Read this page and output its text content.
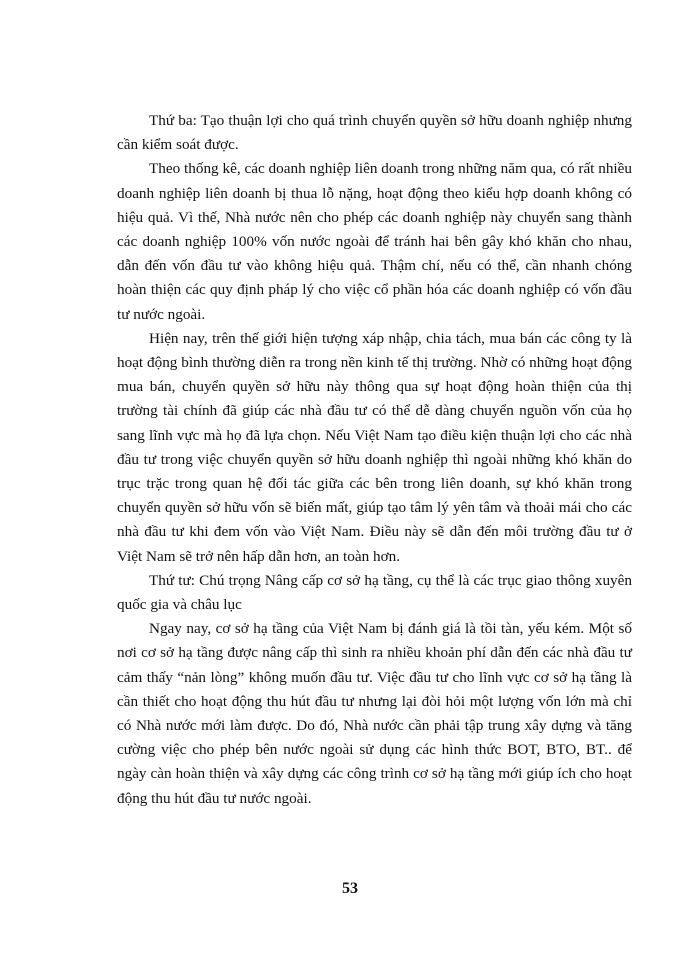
Thứ ba: Tạo thuận lợi cho quá trình chuyển quyền sở hữu doanh nghiệp nhưng cần kiểm soát được.

Theo thống kê, các doanh nghiệp liên doanh trong những năm qua, có rất nhiều doanh nghiệp liên doanh bị thua lỗ nặng, hoạt động theo kiểu hợp doanh không có hiệu quả. Vì thế, Nhà nước nên cho phép các doanh nghiệp này chuyển sang thành các doanh nghiệp 100% vốn nước ngoài để tránh hai bên gây khó khăn cho nhau, dẫn đến vốn đầu tư vào không hiệu quả. Thậm chí, nếu có thể, cần nhanh chóng hoàn thiện các quy định pháp lý cho việc cổ phần hóa các doanh nghiệp có vốn đầu tư nước ngoài.

Hiện nay, trên thế giới hiện tượng xáp nhập, chia tách, mua bán các công ty là hoạt động bình thường diễn ra trong nền kinh tế thị trường. Nhờ có những hoạt động mua bán, chuyển quyền sở hữu này thông qua sự hoạt động hoàn thiện của thị trường tài chính đã giúp các nhà đầu tư có thể dễ dàng chuyển nguồn vốn của họ sang lĩnh vực mà họ đã lựa chọn. Nếu Việt Nam tạo điều kiện thuận lợi cho các nhà đầu tư trong việc chuyển quyền sở hữu doanh nghiệp thì ngoài những khó khăn do trục trặc trong quan hệ đối tác giữa các bên trong liên doanh, sự khó khăn trong chuyển quyền sở hữu vốn sẽ biến mất, giúp tạo tâm lý yên tâm và thoải mái cho các nhà đầu tư khi đem vốn vào Việt Nam. Điều này sẽ dẫn đến môi trường đầu tư ở Việt Nam sẽ trở nên hấp dẫn hơn, an toàn hơn.

Thứ tư: Chú trọng Nâng cấp cơ sở hạ tầng, cụ thể là các trục giao thông xuyên quốc gia và châu lục

Ngay nay, cơ sở hạ tầng của Việt Nam bị đánh giá là tồi tàn, yếu kém. Một số nơi cơ sở hạ tầng được nâng cấp thì sinh ra nhiều khoản phí dẫn đến các nhà đầu tư cảm thấy “nản lòng” không muốn đầu tư. Việc đầu tư cho lĩnh vực cơ sở hạ tầng là cần thiết cho hoạt động thu hút đầu tư nhưng lại đòi hỏi một lượng vốn lớn mà chỉ có Nhà nước mới làm được. Do đó, Nhà nước cần phải tập trung xây dựng và tăng cường việc cho phép bên nước ngoài sử dụng các hình thức BOT, BTO, BT.. để ngày càn hoàn thiện và xây dựng các công trình cơ sở hạ tầng mới giúp ích cho hoạt động thu hút đầu tư nước ngoài.

53
